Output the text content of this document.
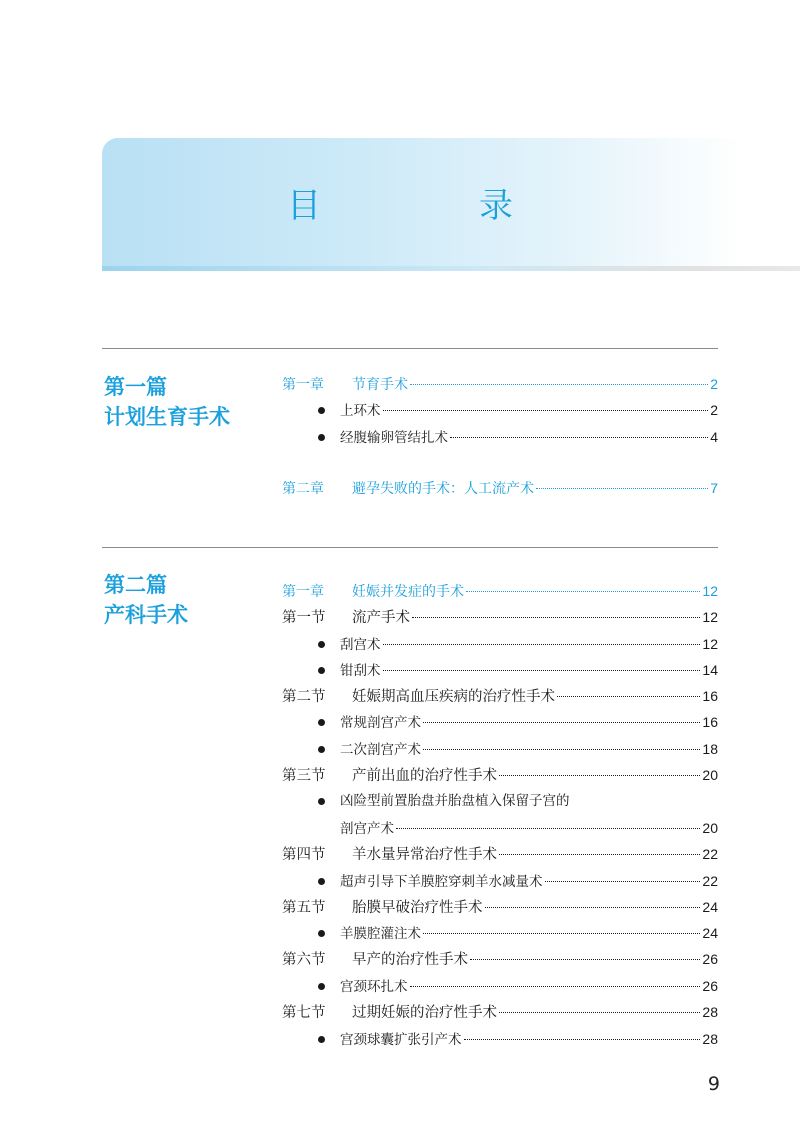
目　录
第一篇
计划生育手术
第一章	节育手术	2
上环术	2
经腹输卵管结扎术	4
第二章	避孕失败的手术：人工流产术	7
第二篇
产科手术
第一章	妊娠并发症的手术	12
第一节	流产手术	12
刮宫术	12
钳刮术	14
第二节	妊娠期高血压疾病的治疗性手术	16
常规剖宫产术	16
二次剖宫产术	18
第三节	产前出血的治疗性手术	20
凶险型前置胎盘并胎盘植入保留子宫的
剖宫产术	20
第四节	羊水量异常治疗性手术	22
超声引导下羊膜腔穿刺羊水减量术	22
第五节	胎膜早破治疗性手术	24
羊膜腔灌注术	24
第六节	早产的治疗性手术	26
宫颈环扎术	26
第七节	过期妊娠的治疗性手术	28
宫颈球囊扩张引产术	28
9
